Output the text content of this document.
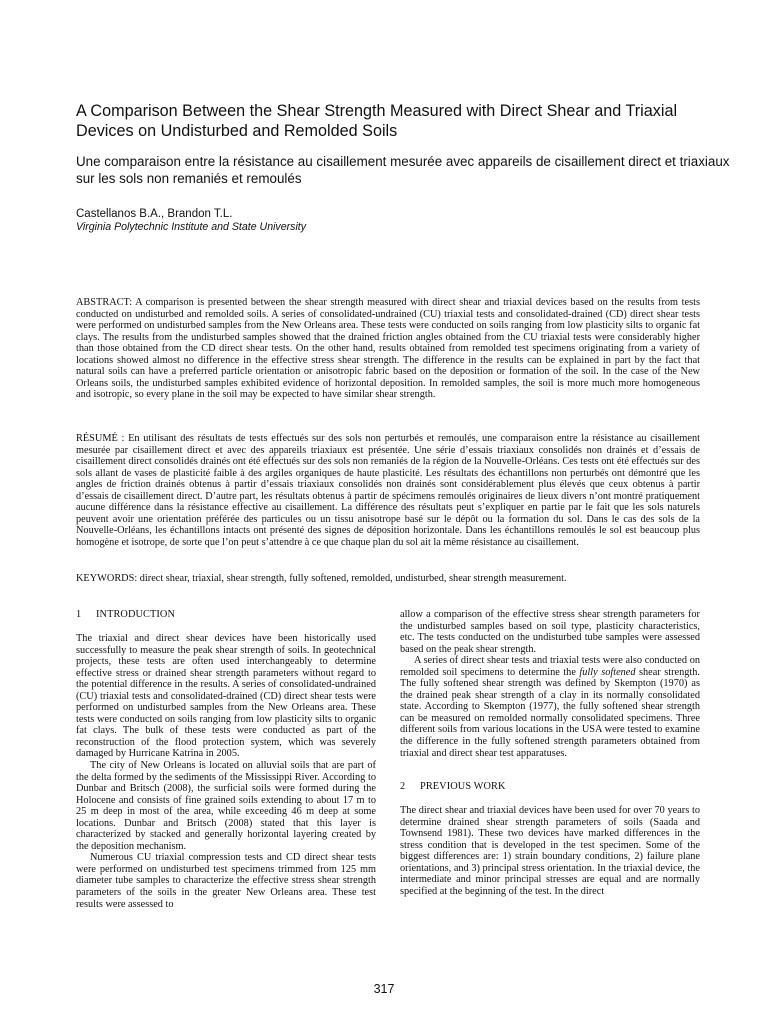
A Comparison Between the Shear Strength Measured with Direct Shear and Triaxial Devices on Undisturbed and Remolded Soils

Une comparaison entre la résistance au cisaillement mesurée avec appareils de cisaillement direct et triaxiaux sur les sols non remaniés et remoulés

Castellanos B.A., Brandon T.L.
Virginia Polytechnic Institute and State University

ABSTRACT: A comparison is presented between the shear strength measured with direct shear and triaxial devices based on the results from tests conducted on undisturbed and remolded soils. A series of consolidated-undrained (CU) triaxial tests and consolidated-drained (CD) direct shear tests were performed on undisturbed samples from the New Orleans area. These tests were conducted on soils ranging from low plasticity silts to organic fat clays. The results from the undisturbed samples showed that the drained friction angles obtained from the CU triaxial tests were considerably higher than those obtained from the CD direct shear tests. On the other hand, results obtained from remolded test specimens originating from a variety of locations showed almost no difference in the effective stress shear strength. The difference in the results can be explained in part by the fact that natural soils can have a preferred particle orientation or anisotropic fabric based on the deposition or formation of the soil. In the case of the New Orleans soils, the undisturbed samples exhibited evidence of horizontal deposition. In remolded samples, the soil is more much more homogeneous and isotropic, so every plane in the soil may be expected to have similar shear strength.

RÉSUMÉ : En utilisant des résultats de tests effectués sur des sols non perturbés et remoulés, une comparaison entre la résistance au cisaillement mesurée par cisaillement direct et avec des appareils triaxiaux est présentée. Une série d’essais triaxiaux consolidés non drainés et d’essais de cisaillement direct consolidés drainés ont été effectués sur des sols non remaniés de la région de la Nouvelle-Orléans. Ces tests ont été effectués sur des sols allant de vases de plasticité faible à des argiles organiques de haute plasticité. Les résultats des échantillons non perturbés ont démontré que les angles de friction drainés obtenus à partir d’essais triaxiaux consolidés non drainés sont considérablement plus élevés que ceux obtenus à partir d’essais de cisaillement direct. D’autre part, les résultats obtenus à partir de spécimens remoulés originaires de lieux divers n’ont montré pratiquement aucune différence dans la résistance effective au cisaillement. La différence des résultats peut s’expliquer en partie par le fait que les sols naturels peuvent avoir une orientation préférée des particules ou un tissu anisotrope basé sur le dépôt ou la formation du sol. Dans le cas des sols de la Nouvelle-Orléans, les échantillons intacts ont présenté des signes de déposition horizontale. Dans les échantillons remoulés le sol est beaucoup plus homogène et isotrope, de sorte que l’on peut s’attendre à ce que chaque plan du sol ait la même résistance au cisaillement.

KEYWORDS: direct shear, triaxial, shear strength, fully softened, remolded, undisturbed, shear strength measurement.

1 INTRODUCTION

The triaxial and direct shear devices have been historically used successfully to measure the peak shear strength of soils. In geotechnical projects, these tests are often used interchangeably to determine effective stress or drained shear strength parameters without regard to the potential difference in the results. A series of consolidated-undrained (CU) triaxial tests and consolidated-drained (CD) direct shear tests were performed on undisturbed samples from the New Orleans area. These tests were conducted on soils ranging from low plasticity silts to organic fat clays. The bulk of these tests were conducted as part of the reconstruction of the flood protection system, which was severely damaged by Hurricane Katrina in 2005.

The city of New Orleans is located on alluvial soils that are part of the delta formed by the sediments of the Mississippi River. According to Dunbar and Britsch (2008), the surficial soils were formed during the Holocene and consists of fine grained soils extending to about 17 m to 25 m deep in most of the area, while exceeding 46 m deep at some locations. Dunbar and Britsch (2008) stated that this layer is characterized by stacked and generally horizontal layering created by the deposition mechanism.

Numerous CU triaxial compression tests and CD direct shear tests were performed on undisturbed test specimens trimmed from 125 mm diameter tube samples to characterize the effective stress shear strength parameters of the soils in the greater New Orleans area. These test results were assessed to

allow a comparison of the effective stress shear strength parameters for the undisturbed samples based on soil type, plasticity characteristics, etc. The tests conducted on the undisturbed tube samples were assessed based on the peak shear strength.

A series of direct shear tests and triaxial tests were also conducted on remolded soil specimens to determine the fully softened shear strength. The fully softened shear strength was defined by Skempton (1970) as the drained peak shear strength of a clay in its normally consolidated state. According to Skempton (1977), the fully softened shear strength can be measured on remolded normally consolidated specimens. Three different soils from various locations in the USA were tested to examine the difference in the fully softened strength parameters obtained from triaxial and direct shear test apparatuses.

2 PREVIOUS WORK

The direct shear and triaxial devices have been used for over 70 years to determine drained shear strength parameters of soils (Saada and Townsend 1981). These two devices have marked differences in the stress condition that is developed in the test specimen. Some of the biggest differences are: 1) strain boundary conditions, 2) failure plane orientations, and 3) principal stress orientation. In the triaxial device, the intermediate and minor principal stresses are equal and are normally specified at the beginning of the test. In the direct

317
